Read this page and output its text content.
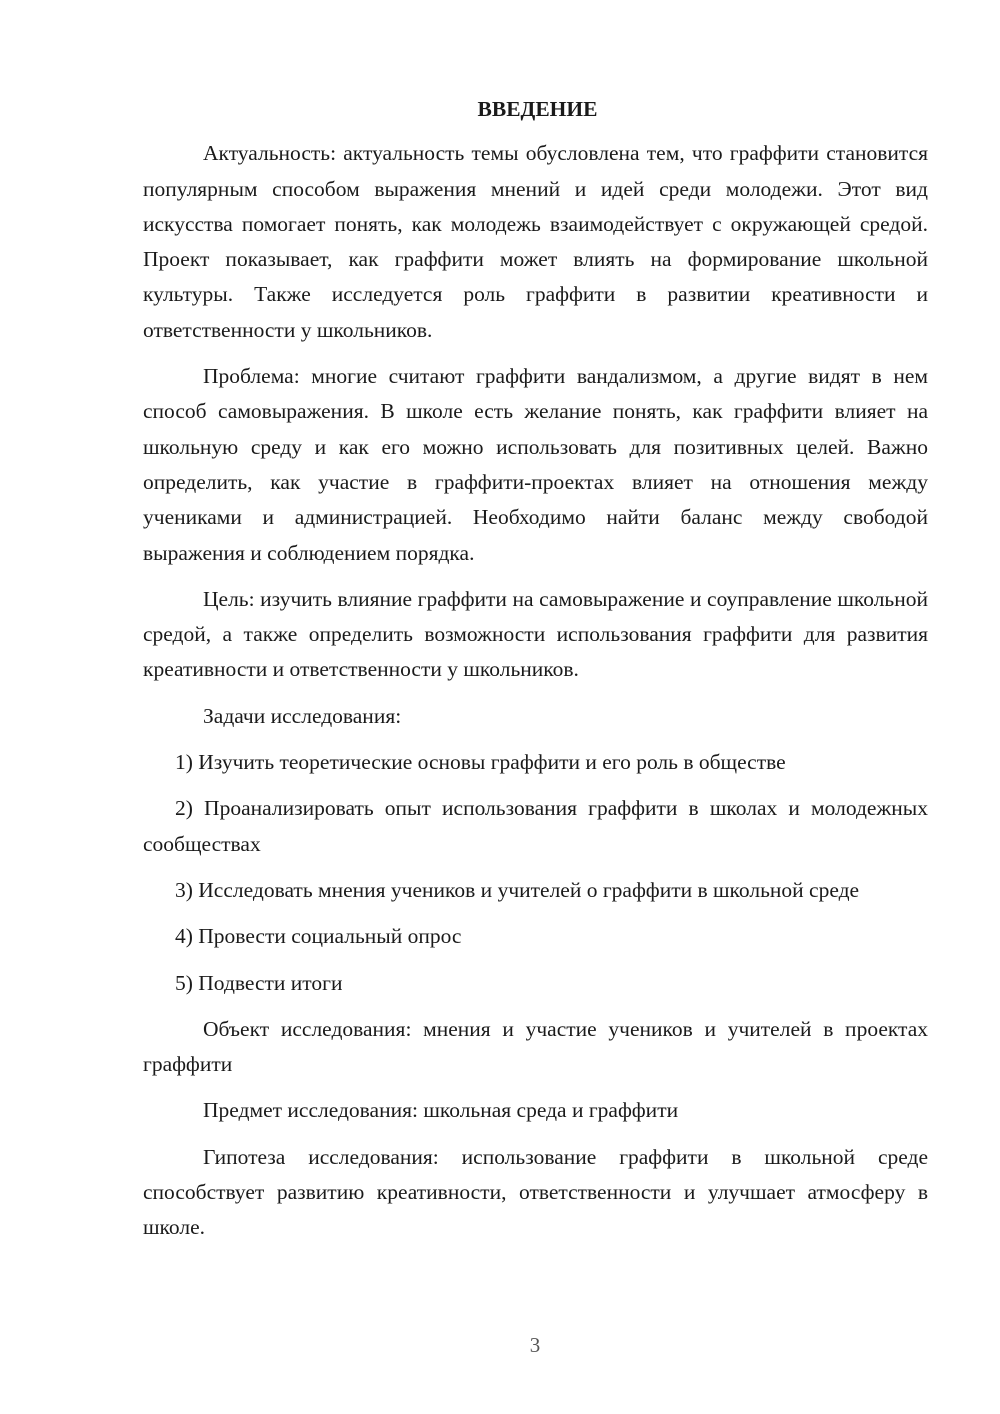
ВВЕДЕНИЕ

Актуальность: актуальность темы обусловлена тем, что граффити становится популярным способом выражения мнений и идей среди молодежи. Этот вид искусства помогает понять, как молодежь взаимодействует с окружающей средой. Проект показывает, как граффити может влиять на формирование школьной культуры. Также исследуется роль граффити в развитии креативности и ответственности у школьников.

Проблема: многие считают граффити вандализмом, а другие видят в нем способ самовыражения. В школе есть желание понять, как граффити влияет на школьную среду и как его можно использовать для позитивных целей. Важно определить, как участие в граффити-проектах влияет на отношения между учениками и администрацией. Необходимо найти баланс между свободой выражения и соблюдением порядка.

Цель: изучить влияние граффити на самовыражение и соуправление школьной средой, а также определить возможности использования граффити для развития креативности и ответственности у школьников.

Задачи исследования:

1) Изучить теоретические основы граффити и его роль в обществе

2) Проанализировать опыт использования граффити в школах и молодежных сообществах

3) Исследовать мнения учеников и учителей о граффити в школьной среде

4) Провести социальный опрос

5) Подвести итоги

Объект исследования: мнения и участие учеников и учителей в проектах граффити

Предмет исследования: школьная среда и граффити

Гипотеза исследования: использование граффити в школьной среде способствует развитию креативности, ответственности и улучшает атмосферу в школе.

3
